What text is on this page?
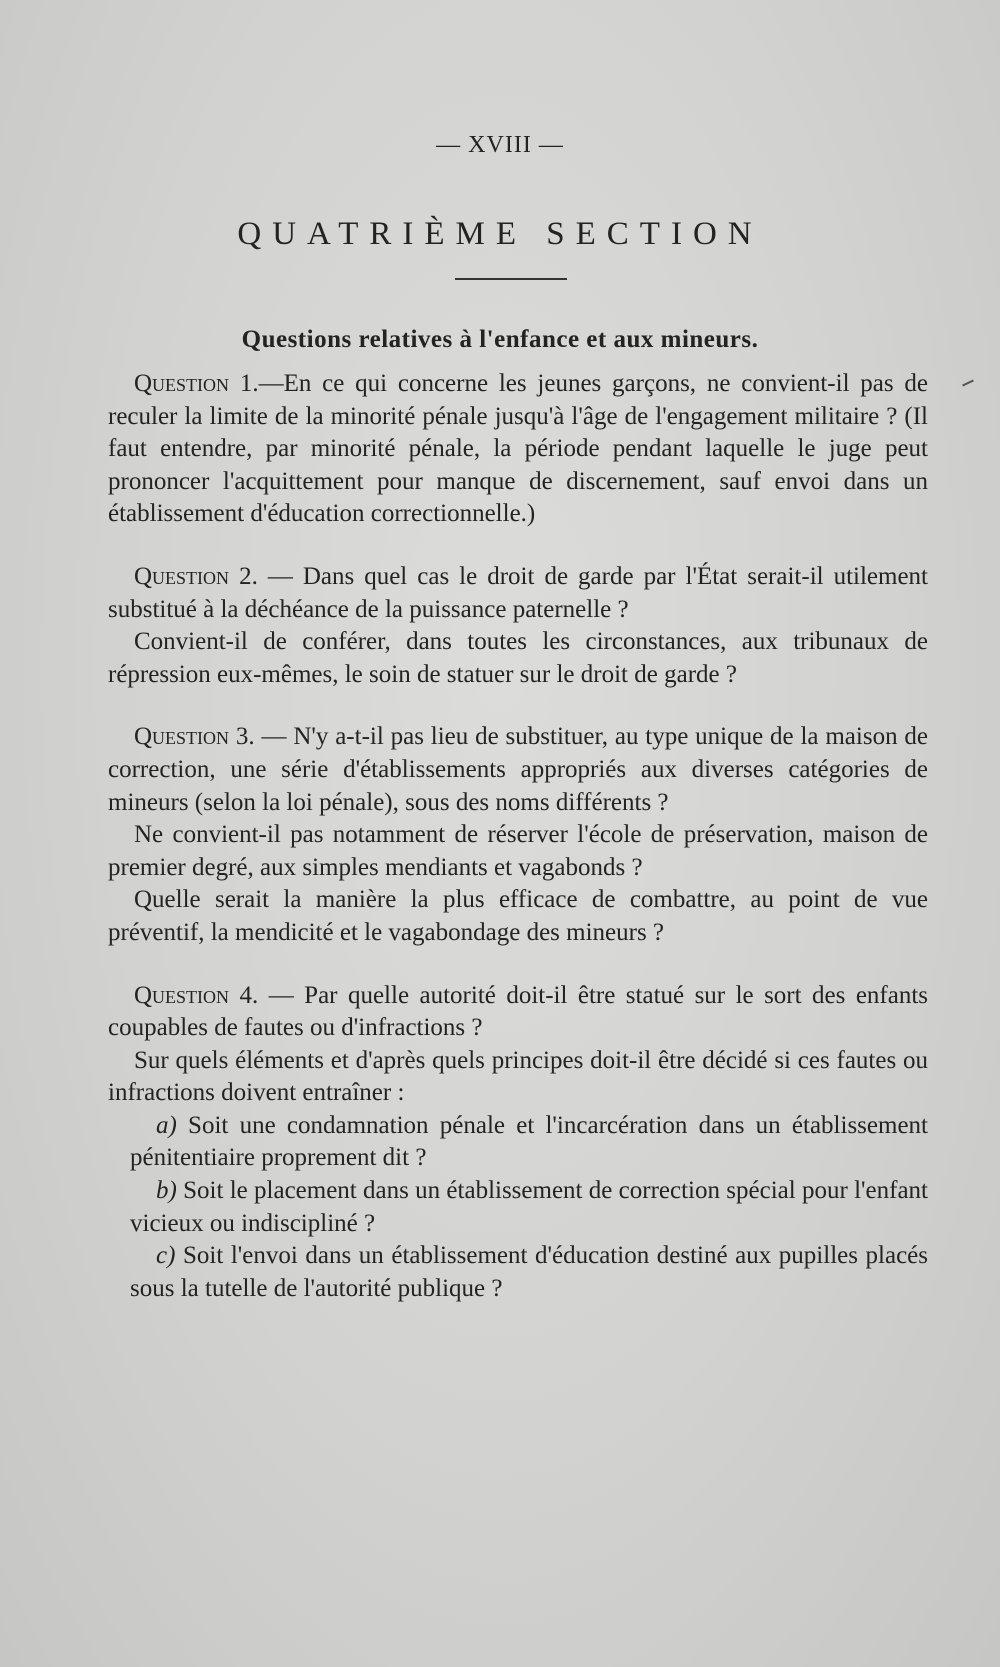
— XVIII —
QUATRIÈME SECTION
Questions relatives à l'enfance et aux mineurs.

Question 1.—En ce qui concerne les jeunes garçons, ne convient-il pas de reculer la limite de la minorité pénale jusqu'à l'âge de l'engagement militaire ? (Il faut entendre, par minorité pénale, la période pendant laquelle le juge peut prononcer l'acquittement pour manque de discernement, sauf envoi dans un établissement d'éducation correctionnelle.)

Question 2. — Dans quel cas le droit de garde par l'État serait-il utilement substitué à la déchéance de la puissance paternelle ?

Convient-il de conférer, dans toutes les circonstances, aux tribunaux de répression eux-mêmes, le soin de statuer sur le droit de garde ?

Question 3. — N'y a-t-il pas lieu de substituer, au type unique de la maison de correction, une série d'établissements appropriés aux diverses catégories de mineurs (selon la loi pénale), sous des noms différents ?

Ne convient-il pas notamment de réserver l'école de préservation, maison de premier degré, aux simples mendiants et vagabonds ?

Quelle serait la manière la plus efficace de combattre, au point de vue préventif, la mendicité et le vagabondage des mineurs ?

Question 4. — Par quelle autorité doit-il être statué sur le sort des enfants coupables de fautes ou d'infractions ?

Sur quels éléments et d'après quels principes doit-il être décidé si ces fautes ou infractions doivent entraîner :

a) Soit une condamnation pénale et l'incarcération dans un établissement pénitentiaire proprement dit ?

b) Soit le placement dans un établissement de correction spécial pour l'enfant vicieux ou indiscipliné ?

c) Soit l'envoi dans un établissement d'éducation destiné aux pupilles placés sous la tutelle de l'autorité publique ?
